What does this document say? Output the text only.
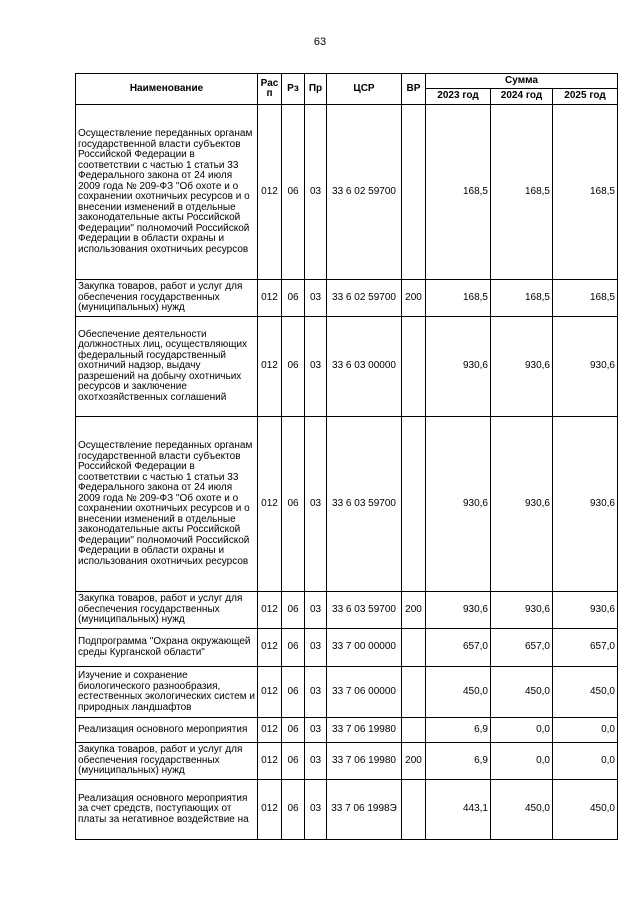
63
Наименование	Рас п	Рз	Пр	ЦСР	ВР	Сумма		
						2023 год	2024 год	2025 год
Осуществление переданных органам государственной власти субъектов Российской Федерации в соответствии с частью 1 статьи 33 Федерального закона от 24 июля 2009 года № 209-ФЗ "Об охоте и о сохранении охотничьих ресурсов и о внесении изменений в отдельные законодательные акты Российской Федерации" полномочий Российской Федерации в области охраны и использования охотничьих ресурсов	012	06	03	33 6 02 59700		168,5	168,5	168,5
Закупка товаров, работ и услуг для обеспечения государственных (муниципальных) нужд	012	06	03	33 6 02 59700	200	168,5	168,5	168,5
Обеспечение деятельности должностных лиц, осуществляющих федеральный государственный охотничий надзор, выдачу разрешений на добычу охотничьих ресурсов и заключение охотхозяйственных соглашений	012	06	03	33 6 03 00000		930,6	930,6	930,6
Осуществление переданных органам государственной власти субъектов Российской Федерации в соответствии с частью 1 статьи 33 Федерального закона от 24 июля 2009 года № 209-ФЗ "Об охоте и о сохранении охотничьих ресурсов и о внесении изменений в отдельные законодательные акты Российской Федерации" полномочий Российской Федерации в области охраны и использования охотничьих ресурсов	012	06	03	33 6 03 59700		930,6	930,6	930,6
Закупка товаров, работ и услуг для обеспечения государственных (муниципальных) нужд	012	06	03	33 6 03 59700	200	930,6	930,6	930,6
Подпрограмма "Охрана окружающей среды Курганской области"	012	06	03	33 7 00 00000		657,0	657,0	657,0
Изучение и сохранение биологического разнообразия, естественных экологических систем и природных ландшафтов	012	06	03	33 7 06 00000		450,0	450,0	450,0
Реализация основного мероприятия	012	06	03	33 7 06 19980		6,9	0,0	0,0
Закупка товаров, работ и услуг для обеспечения государственных (муниципальных) нужд	012	06	03	33 7 06 19980	200	6,9	0,0	0,0
Реализация основного мероприятия за счет средств, поступающих от платы за негативное воздействие на	012	06	03	33 7 06 1998Э		443,1	450,0	450,0
